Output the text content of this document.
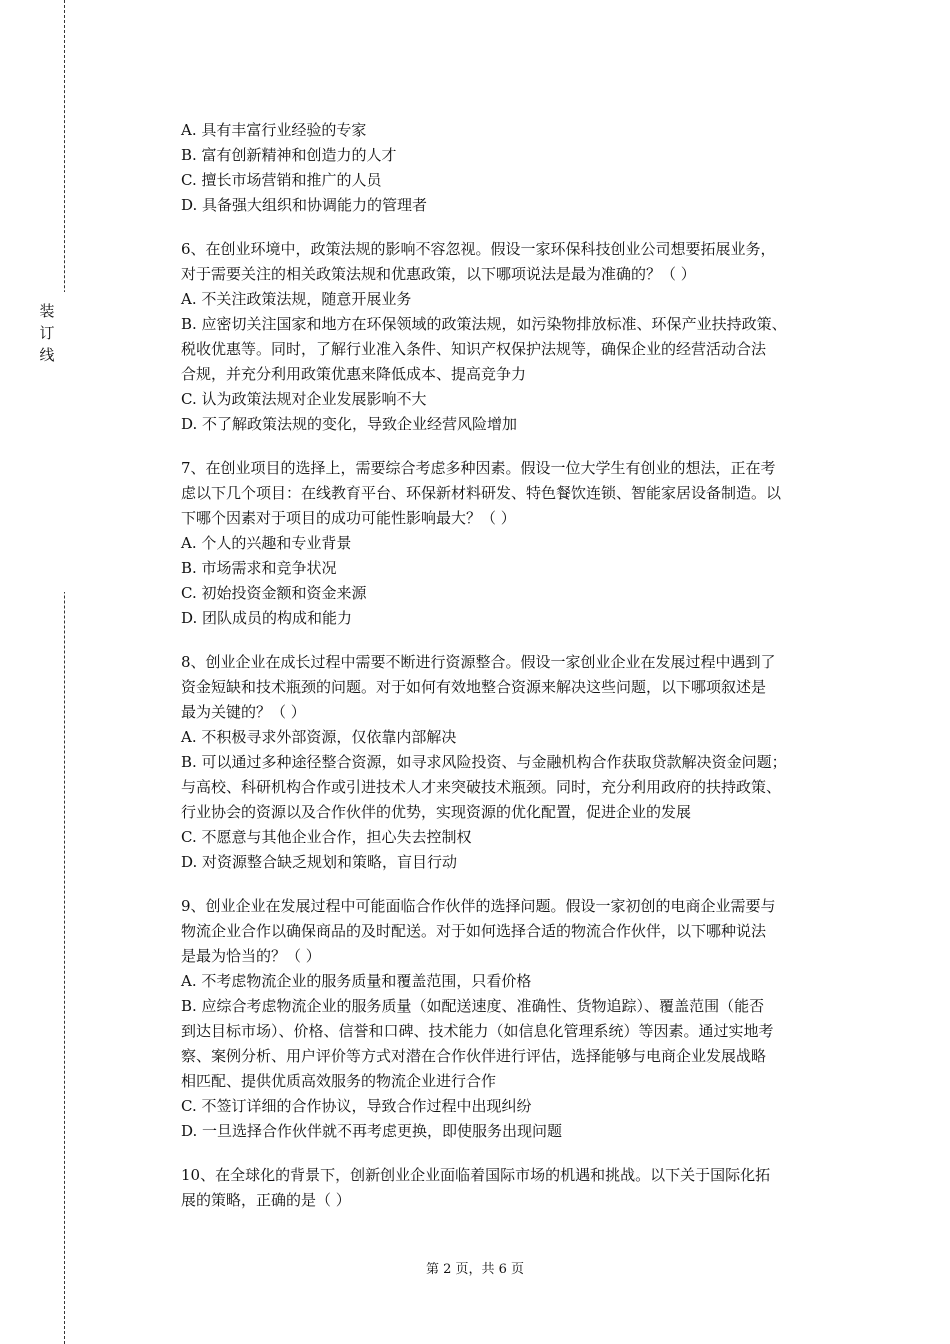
装
订
线

A. 具有丰富行业经验的专家

B. 富有创新精神和创造力的人才

C. 擅长市场营销和推广的人员

D. 具备强大组织和协调能力的管理者

6、在创业环境中，政策法规的影响不容忽视。假设一家环保科技创业公司想要拓展业务，

对于需要关注的相关政策法规和优惠政策，以下哪项说法是最为准确的？（ ）

A. 不关注政策法规，随意开展业务

B. 应密切关注国家和地方在环保领域的政策法规，如污染物排放标准、环保产业扶持政策、

税收优惠等。同时，了解行业准入条件、知识产权保护法规等，确保企业的经营活动合法

合规，并充分利用政策优惠来降低成本、提高竞争力

C. 认为政策法规对企业发展影响不大

D. 不了解政策法规的变化，导致企业经营风险增加

7、在创业项目的选择上，需要综合考虑多种因素。假设一位大学生有创业的想法，正在考

虑以下几个项目：在线教育平台、环保新材料研发、特色餐饮连锁、智能家居设备制造。以

下哪个因素对于项目的成功可能性影响最大？（ ）

A. 个人的兴趣和专业背景

B. 市场需求和竞争状况

C. 初始投资金额和资金来源

D. 团队成员的构成和能力

8、创业企业在成长过程中需要不断进行资源整合。假设一家创业企业在发展过程中遇到了

资金短缺和技术瓶颈的问题。对于如何有效地整合资源来解决这些问题，以下哪项叙述是

最为关键的？（ ）

A. 不积极寻求外部资源，仅依靠内部解决

B. 可以通过多种途径整合资源，如寻求风险投资、与金融机构合作获取贷款解决资金问题；

与高校、科研机构合作或引进技术人才来突破技术瓶颈。同时，充分利用政府的扶持政策、

行业协会的资源以及合作伙伴的优势，实现资源的优化配置，促进企业的发展

C. 不愿意与其他企业合作，担心失去控制权

D. 对资源整合缺乏规划和策略，盲目行动

9、创业企业在发展过程中可能面临合作伙伴的选择问题。假设一家初创的电商企业需要与

物流企业合作以确保商品的及时配送。对于如何选择合适的物流合作伙伴，以下哪种说法

是最为恰当的？（ ）

A. 不考虑物流企业的服务质量和覆盖范围，只看价格

B. 应综合考虑物流企业的服务质量（如配送速度、准确性、货物追踪）、覆盖范围（能否

到达目标市场）、价格、信誉和口碑、技术能力（如信息化管理系统）等因素。通过实地考

察、案例分析、用户评价等方式对潜在合作伙伴进行评估，选择能够与电商企业发展战略

相匹配、提供优质高效服务的物流企业进行合作

C. 不签订详细的合作协议，导致合作过程中出现纠纷

D. 一旦选择合作伙伴就不再考虑更换，即使服务出现问题

10、在全球化的背景下，创新创业企业面临着国际市场的机遇和挑战。以下关于国际化拓

展的策略，正确的是（ ）

第 2 页，共 6 页
